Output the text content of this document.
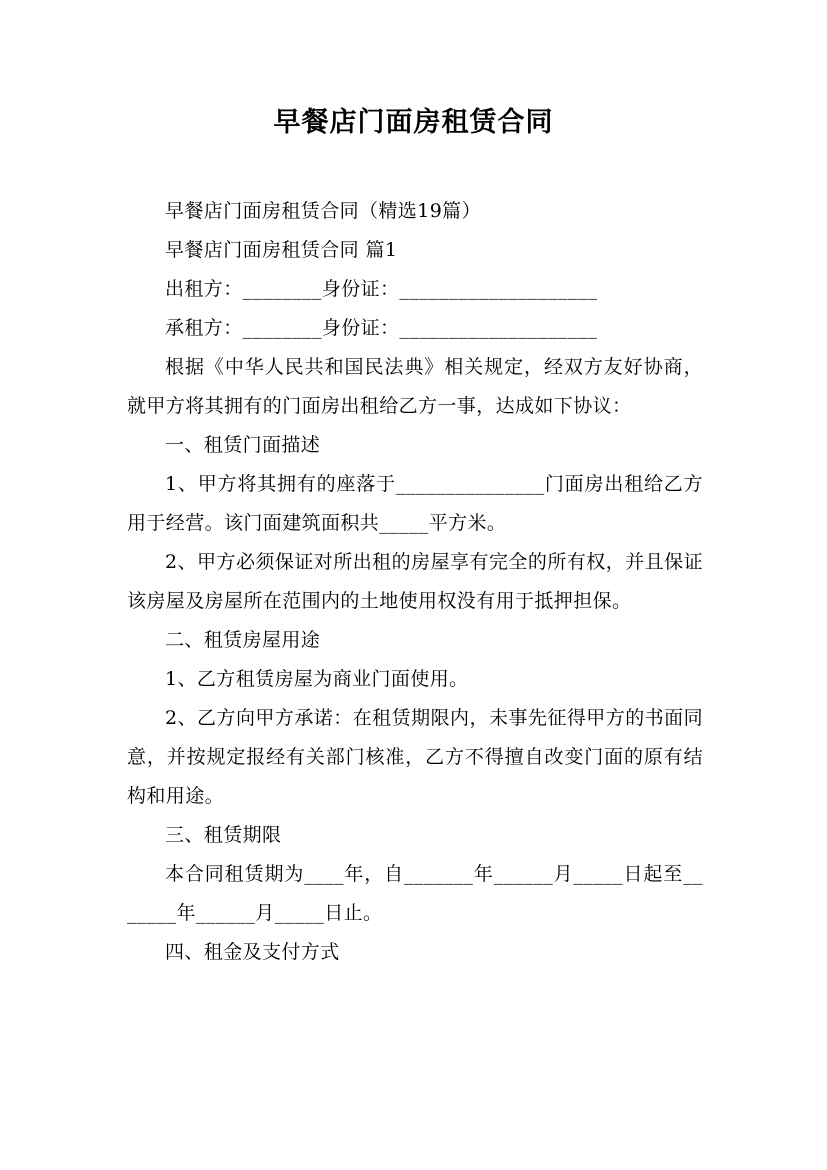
早餐店门面房租赁合同

早餐店门面房租赁合同（精选19篇）

早餐店门面房租赁合同 篇1

出租方：________身份证：____________________

承租方：________身份证：____________________

根据《中华人民共和国民法典》相关规定，经双方友好协商，就甲方将其拥有的门面房出租给乙方一事，达成如下协议：

一、租赁门面描述

1、甲方将其拥有的座落于_______________门面房出租给乙方用于经营。该门面建筑面积共_____平方米。

2、甲方必须保证对所出租的房屋享有完全的所有权，并且保证该房屋及房屋所在范围内的土地使用权没有用于抵押担保。

二、租赁房屋用途

1、乙方租赁房屋为商业门面使用。

2、乙方向甲方承诺：在租赁期限内，未事先征得甲方的书面同意，并按规定报经有关部门核准，乙方不得擅自改变门面的原有结构和用途。

三、租赁期限

本合同租赁期为____年，自_______年______月_____日起至_______年______月_____日止。

四、租金及支付方式
